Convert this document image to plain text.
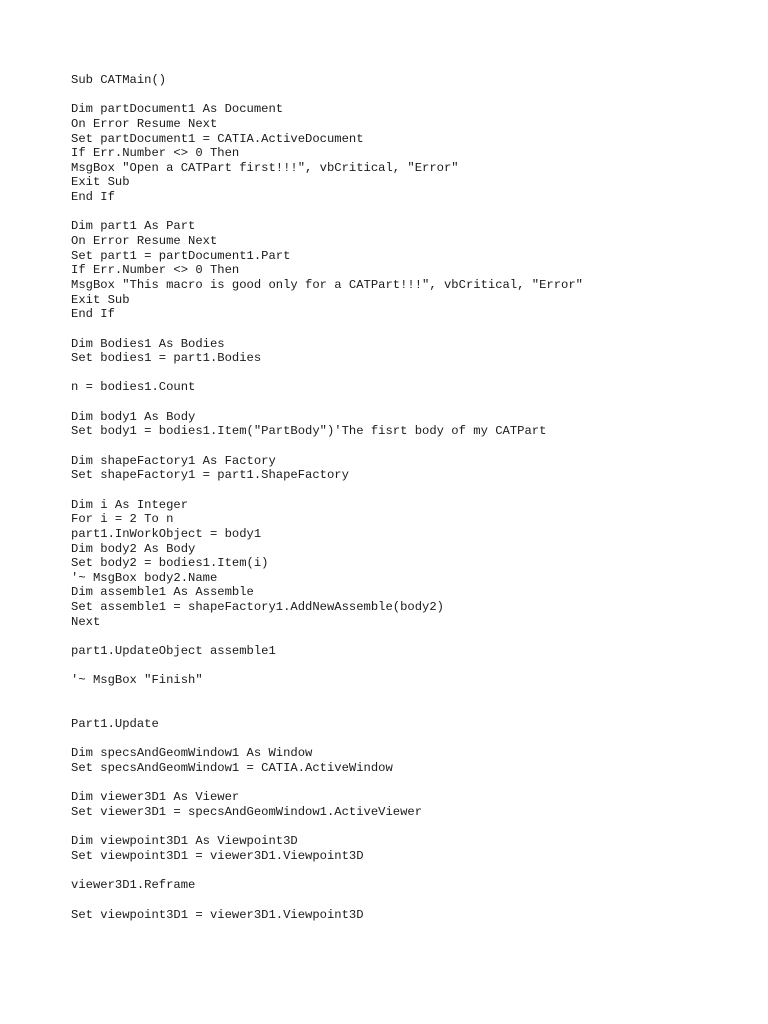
Sub CATMain()
Dim partDocument1 As Document
On Error Resume Next
Set partDocument1 = CATIA.ActiveDocument
If Err.Number <> 0 Then
MsgBox "Open a CATPart first!!!", vbCritical, "Error"
Exit Sub
End If
Dim part1 As Part
On Error Resume Next
Set part1 = partDocument1.Part
If Err.Number <> 0 Then
MsgBox "This macro is good only for a CATPart!!!", vbCritical, "Error"
Exit Sub
End If
Dim Bodies1 As Bodies
Set bodies1 = part1.Bodies
n = bodies1.Count
Dim body1 As Body
Set body1 = bodies1.Item("PartBody")'The fisrt body of my CATPart
Dim shapeFactory1 As Factory
Set shapeFactory1 = part1.ShapeFactory
Dim i As Integer
For i = 2 To n
part1.InWorkObject = body1
Dim body2 As Body
Set body2 = bodies1.Item(i)
'~ MsgBox body2.Name
Dim assemble1 As Assemble
Set assemble1 = shapeFactory1.AddNewAssemble(body2)
Next
part1.UpdateObject assemble1
'~ MsgBox "Finish"
Part1.Update
Dim specsAndGeomWindow1 As Window
Set specsAndGeomWindow1 = CATIA.ActiveWindow
Dim viewer3D1 As Viewer
Set viewer3D1 = specsAndGeomWindow1.ActiveViewer
Dim viewpoint3D1 As Viewpoint3D
Set viewpoint3D1 = viewer3D1.Viewpoint3D
viewer3D1.Reframe
Set viewpoint3D1 = viewer3D1.Viewpoint3D
